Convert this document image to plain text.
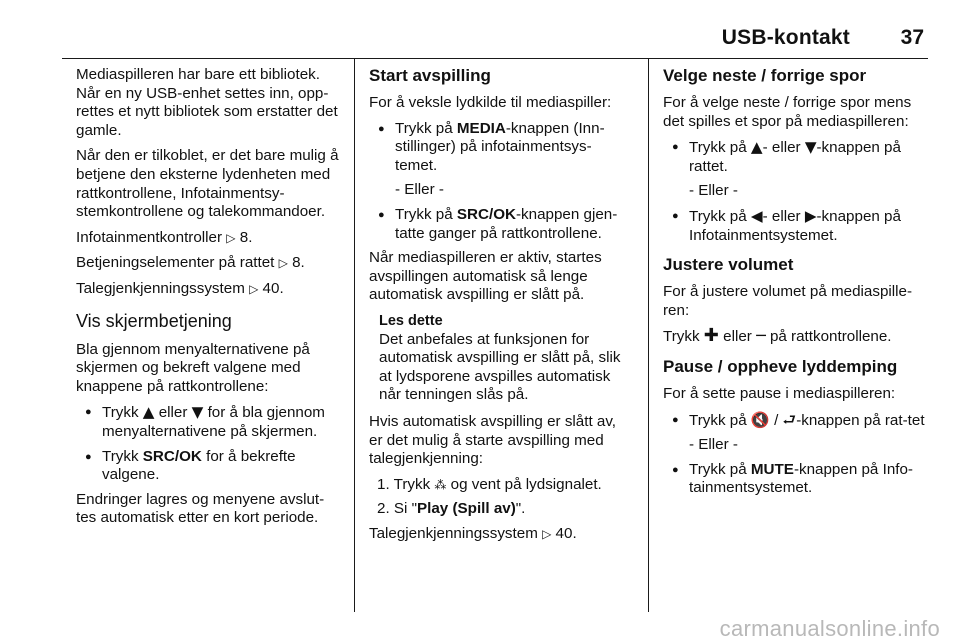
USB-kontakt 37

Mediaspilleren har bare ett bibliotek. Når en ny USB-enhet settes inn, opp-rettes et nytt bibliotek som erstatter det gamle.

Når den er tilkoblet, er det bare mulig å betjene den eksterne lydenheten med rattkontrollene, Infotainmentsy-stemkontrollene og talekommandoer.

Infotainmentkontroller ▷ 8.

Betjeningselementer på rattet ▷ 8.

Talegjenkjenningssystem ▷ 40.

Vis skjermbetjening

Bla gjennom menyalternativene på skjermen og bekreft valgene med knappene på rattkontrollene:

● Trykk ▲ eller ▼ for å bla gjennom menyalternativene på skjermen.
● Trykk SRC/OK for å bekrefte valgene.

Endringer lagres og menyene avslut-tes automatisk etter en kort periode.

Start avspilling

For å veksle lydkilde til mediaspiller:

● Trykk på MEDIA-knappen (Inn-stillinger) på infotainmentsys-temet.
- Eller -
● Trykk på SRC/OK-knappen gjen-tatte ganger på rattkontrollene.

Når mediaspilleren er aktiv, startes avspillingen automatisk så lenge automatisk avspilling er slått på.

Les dette
Det anbefales at funksjonen for automatisk avspilling er slått på, slik at lydsporene avspilles automatisk når tenningen slås på.

Hvis automatisk avspilling er slått av, er det mulig å starte avspilling med talegjenkjenning:

1. Trykk ⁂ og vent på lydsignalet.
2. Si "Play (Spill av)".

Talegjenkjenningssystem ▷ 40.

Velge neste / forrige spor

For å velge neste / forrige spor mens det spilles et spor på mediaspilleren:

● Trykk på ▲- eller ▼-knappen på rattet.
- Eller -
● Trykk på ◀- eller ▶-knappen på Infotainmentsystemet.
Justere volumet

For å justere volumet på mediaspille-ren:

Trykk ✚ eller ─ på rattkontrollene.

Pause / oppheve lyddemping

For å sette pause i mediaspilleren:

● Trykk på 🔇 / ⮐-knappen på rat-tet
- Eller -
● Trykk på MUTE-knappen på Info-tainmentsystemet.
carmanualsonline.info
